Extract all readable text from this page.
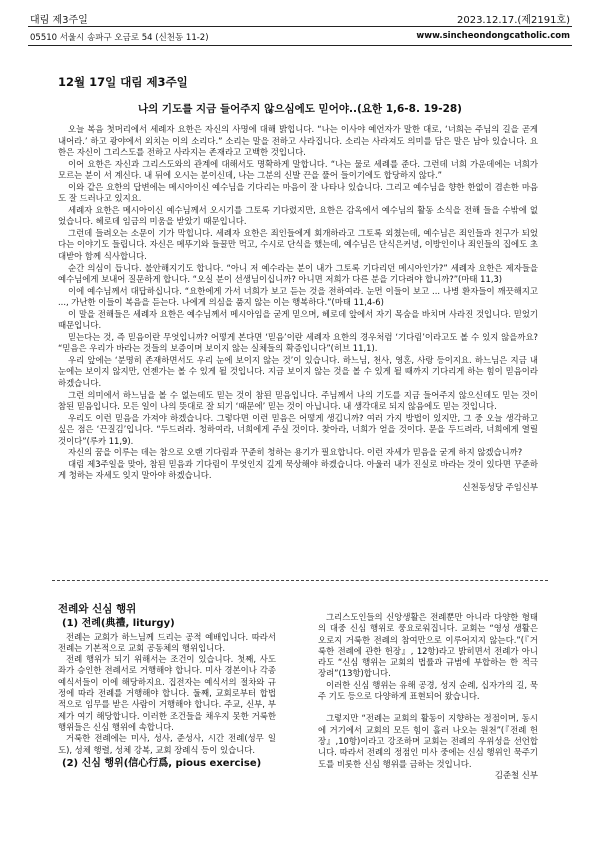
대림 제3주일	2023.12.17.(제2191호)
05510 서울시 송파구 오금로 54 (신천동 11-2)	www.sincheondongcatholic.com
12월 17일 대림 제3주일
나의 기도를 지금 들어주지 않으심에도 믿어야..(요한 1,6-8. 19-28)

오늘 복음 첫머리에서 세례자 요한은 자신의 사명에 대해 밝힙니다. “나는 이사야 예언자가 말한 대로, ‘너희는 주님의 길을 곧게 내어라.’ 하고 광야에서 외치는 이의 소리다.” 소리는 말을 전하고 사라집니다. 소리는 사라져도 의미를 담은 말은 남아 있습니다. 요한은 자신이 그리스도를 전하고 사라지는 존재라고 고백한 것입니다.

이어 요한은 자신과 그리스도와의 관계에 대해서도 명확하게 말합니다. “나는 물로 세례를 준다. 그런데 너희 가운데에는 너희가 모르는 분이 서 계신다. 내 뒤에 오시는 분이신데, 나는 그분의 신발 끈을 풀어 들이기에도 합당하지 않다.”

이와 같은 요한의 답변에는 메시아이신 예수님을 기다리는 마음이 잘 나타나 있습니다. 그리고 예수님을 향한 한없이 겸손한 마음도 잘 드러나고 있지요.

세례자 요한은 메시아이신 예수님께서 오시기를 그토록 기다렸지만, 요한은 감옥에서 예수님의 활동 소식을 전해 들을 수밖에 없었습니다. 헤로데 임금의 미움을 받았기 때문입니다.

그런데 들려오는 소문이 기가 막힙니다. 세례자 요한은 죄인들에게 회개하라고 그토록 외쳤는데, 예수님은 죄인들과 친구가 되었다는 이야기도 들립니다. 자신은 메뚜기와 들꿀만 먹고, 수시로 단식을 했는데, 예수님은 단식은커녕, 이방인이나 죄인들의 집에도 초대받아 함께 식사합니다.

순간 의심이 듭니다. 불안해지기도 합니다. “아니 저 예수라는 분이 내가 그토록 기다리던 메시아인가?” 세례자 요한은 제자들을 예수님에게 보내어 질문하게 합니다. “오실 분이 선생님이십니까? 아니면 저희가 다른 분을 기다려야 합니까?”(마태 11,3)

이에 예수님께서 대답하십니다. “요한에게 가서 너희가 보고 듣는 것을 전하여라. 눈먼 이들이 보고 ... 나병 환자들이 깨끗해지고 ..., 가난한 이들이 복음을 듣는다. 나에게 의심을 품지 않는 이는 행복하다.”(마태 11,4-6)

이 말을 전해들은 세례자 요한은 예수님께서 메시아임을 굳게 믿으며, 헤로데 앞에서 자기 목숨을 바치며 사라진 것입니다. 믿었기 때문입니다.

믿는다는 것, 즉 믿음이란 무엇입니까? 어떻게 본다면 ‘믿음’이란 세례자 요한의 경우처럼 ‘기다림’이라고도 볼 수 있지 않을까요? “믿음은 우리가 바라는 것들의 보증이며 보이지 않는 실체들의 확증입니다”(히브 11,1).

우리 앞에는 ‘분명히 존재하면서도 우리 눈에 보이지 않는 것’이 있습니다. 하느님, 천사, 영혼, 사랑 등이지요. 하느님은 지금 내 눈에는 보이지 않지만, 언젠가는 볼 수 있게 될 것입니다. 지금 보이지 않는 것을 볼 수 있게 될 때까지 기다리게 하는 힘이 믿음이라 하겠습니다.

그런 의미에서 하느님을 볼 수 없는데도 믿는 것이 참된 믿음입니다. 주님께서 나의 기도를 지금 들어주지 않으신데도 믿는 것이 참된 믿음입니다. 모든 일이 나의 뜻대로 잘 되기 ‘때문에’ 믿는 것이 아닙니다. 내 생각대로 되지 않음에도 믿는 것입니다.

우리도 이런 믿음을 가져야 하겠습니다. 그렇다면 이런 믿음은 어떻게 생깁니까? 여러 가지 방법이 있지만, 그 중 오늘 생각하고 싶은 점은 ‘끈질김’입니다. “두드려라. 청하여라, 너희에게 주실 것이다. 찾아라, 너희가 얻을 것이다. 문을 두드려라, 너희에게 열릴 것이다”(루카 11,9).

자신의 꿈을 이루는 데는 참으로 오랜 기다림과 꾸준히 청하는 용기가 필요합니다. 이런 자세가 믿음을 굳게 하지 않겠습니까?

대림 제3주일을 맞아, 참된 믿음과 기다림이 무엇인지 깊게 묵상해야 하겠습니다. 아울러 내가 진실로 바라는 것이 있다면 꾸준하게 청하는 자세도 잊지 말아야 하겠습니다.

신천동성당 주임신부
전례와 신심 행위

(1) 전례(典禮, liturgy)

전례는 교회가 하느님께 드리는 공적 예배입니다. 따라서 전례는 기본적으로 교회 공동체의 행위입니다.

전례 행위가 되기 위해서는 조건이 있습니다. 첫째, 사도좌가 승인한 전례서로 거행해야 합니다. 미사 경본이나 각종 예식서들이 이에 해당하지요. 집전자는 예식서의 절차와 규정에 따라 전례를 거행해야 합니다. 둘째, 교회로부터 합법적으로 임무를 받은 사람이 거행해야 합니다. 주교, 신부, 부제가 여기 해당합니다. 이러한 조건들을 채우지 못한 거룩한 행위들은 신심 행위에 속합니다.

거룩한 전례에는 미사, 성사, 준성사, 시간 전례(성무 일도), 성체 행렬, 성체 강복, 교회 장례식 등이 있습니다.

(2) 신심 행위(信心行爲, pious exercise)

그리스도인들의 신앙생활은 전례뿐만 아니라 다양한 형태의 대중 신심 행위로 풍요로워집니다. 교회는 “영성 생활은 오로지 거룩한 전례의 참여만으로 이루어지지 않는다.”(『거룩한 전례에 관한 헌장』, 12항)라고 밝히면서 전례가 아니라도 “신심 행위는 교회의 법률과 규범에 부합하는 한 적극 장려”(13항)합니다.

이러한 신심 행위는 유해 공경, 성지 순례, 십자가의 길, 묵주 기도 등으로 다양하게 표현되어 왔습니다.

그렇지만 “전례는 교회의 활동이 지향하는 정점이며, 동시에 거기에서 교회의 모든 힘이 흘러 나오는 원천”(『전례 헌장』,10항)이라고 강조하며 교회는 전례의 우위성을 선언합니다. 따라서 전례의 정점인 미사 중에는 신심 행위인 묵주기도를 비롯한 신심 행위를 금하는 것입니다.

김준철 신부
